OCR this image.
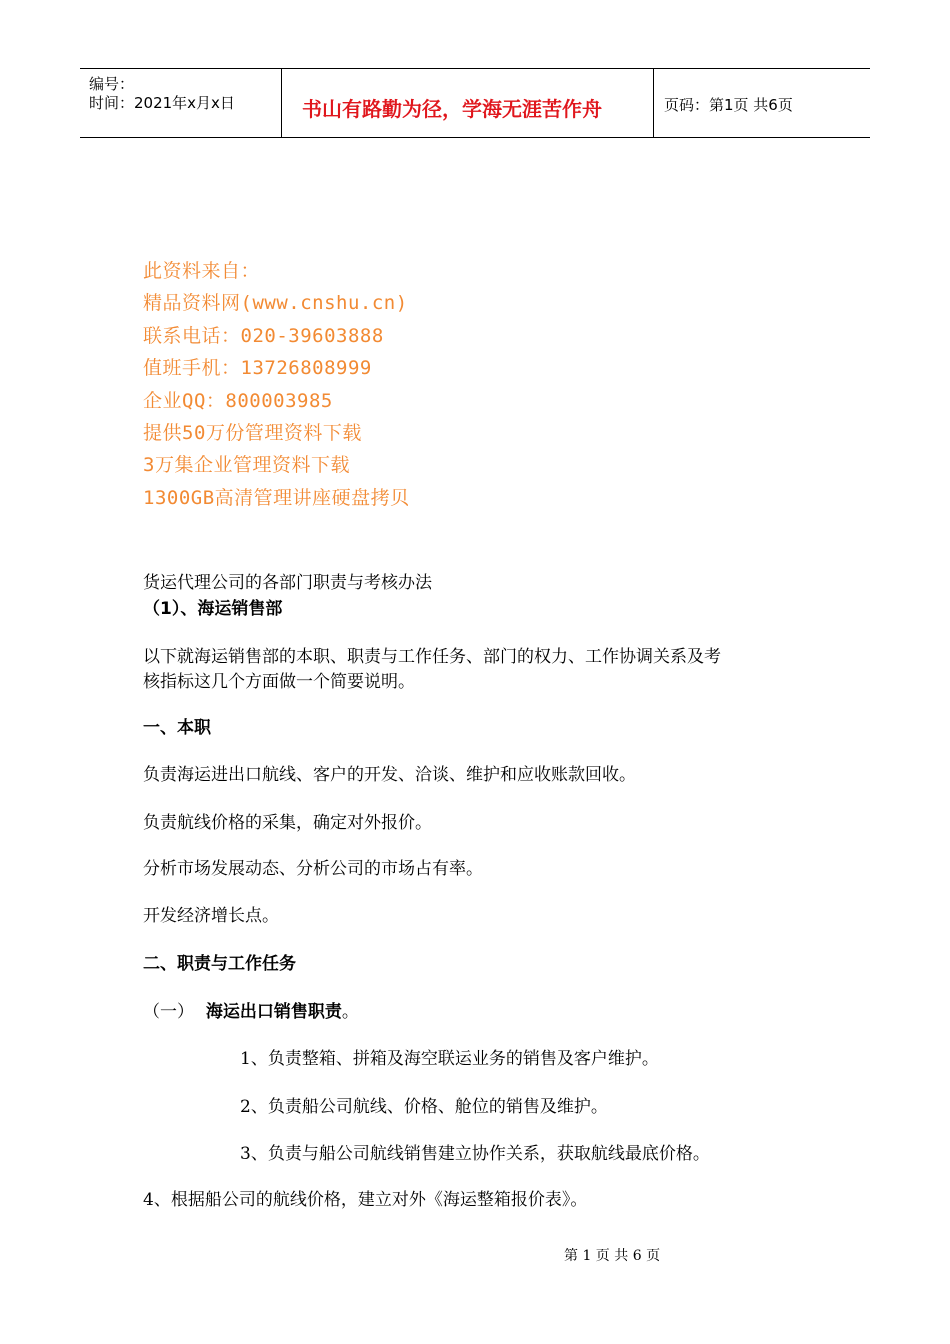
编号：
时间：2021年x月x日	书山有路勤为径，学海无涯苦作舟	页码：第1页 共6页
此资料来自：
精品资料网(www.cnshu.cn)
联系电话：020-39603888
值班手机：13726808999
企业QQ：800003985
提供50万份管理资料下载
3万集企业管理资料下载
1300GB高清管理讲座硬盘拷贝
货运代理公司的各部门职责与考核办法
（1）、海运销售部
以下就海运销售部的本职、职责与工作任务、部门的权力、工作协调关系及考
核指标这几个方面做一个简要说明。
一、本职
负责海运进出口航线、客户的开发、洽谈、维护和应收账款回收。
负责航线价格的采集，确定对外报价。
分析市场发展动态、分析公司的市场占有率。
开发经济增长点。
二、职责与工作任务
（一） 海运出口销售职责。
1、负责整箱、拼箱及海空联运业务的销售及客户维护。
2、负责船公司航线、价格、舱位的销售及维护。
3、负责与船公司航线销售建立协作关系，获取航线最底价格。
4、根据船公司的航线价格，建立对外《海运整箱报价表》。
第 1 页 共 6 页
